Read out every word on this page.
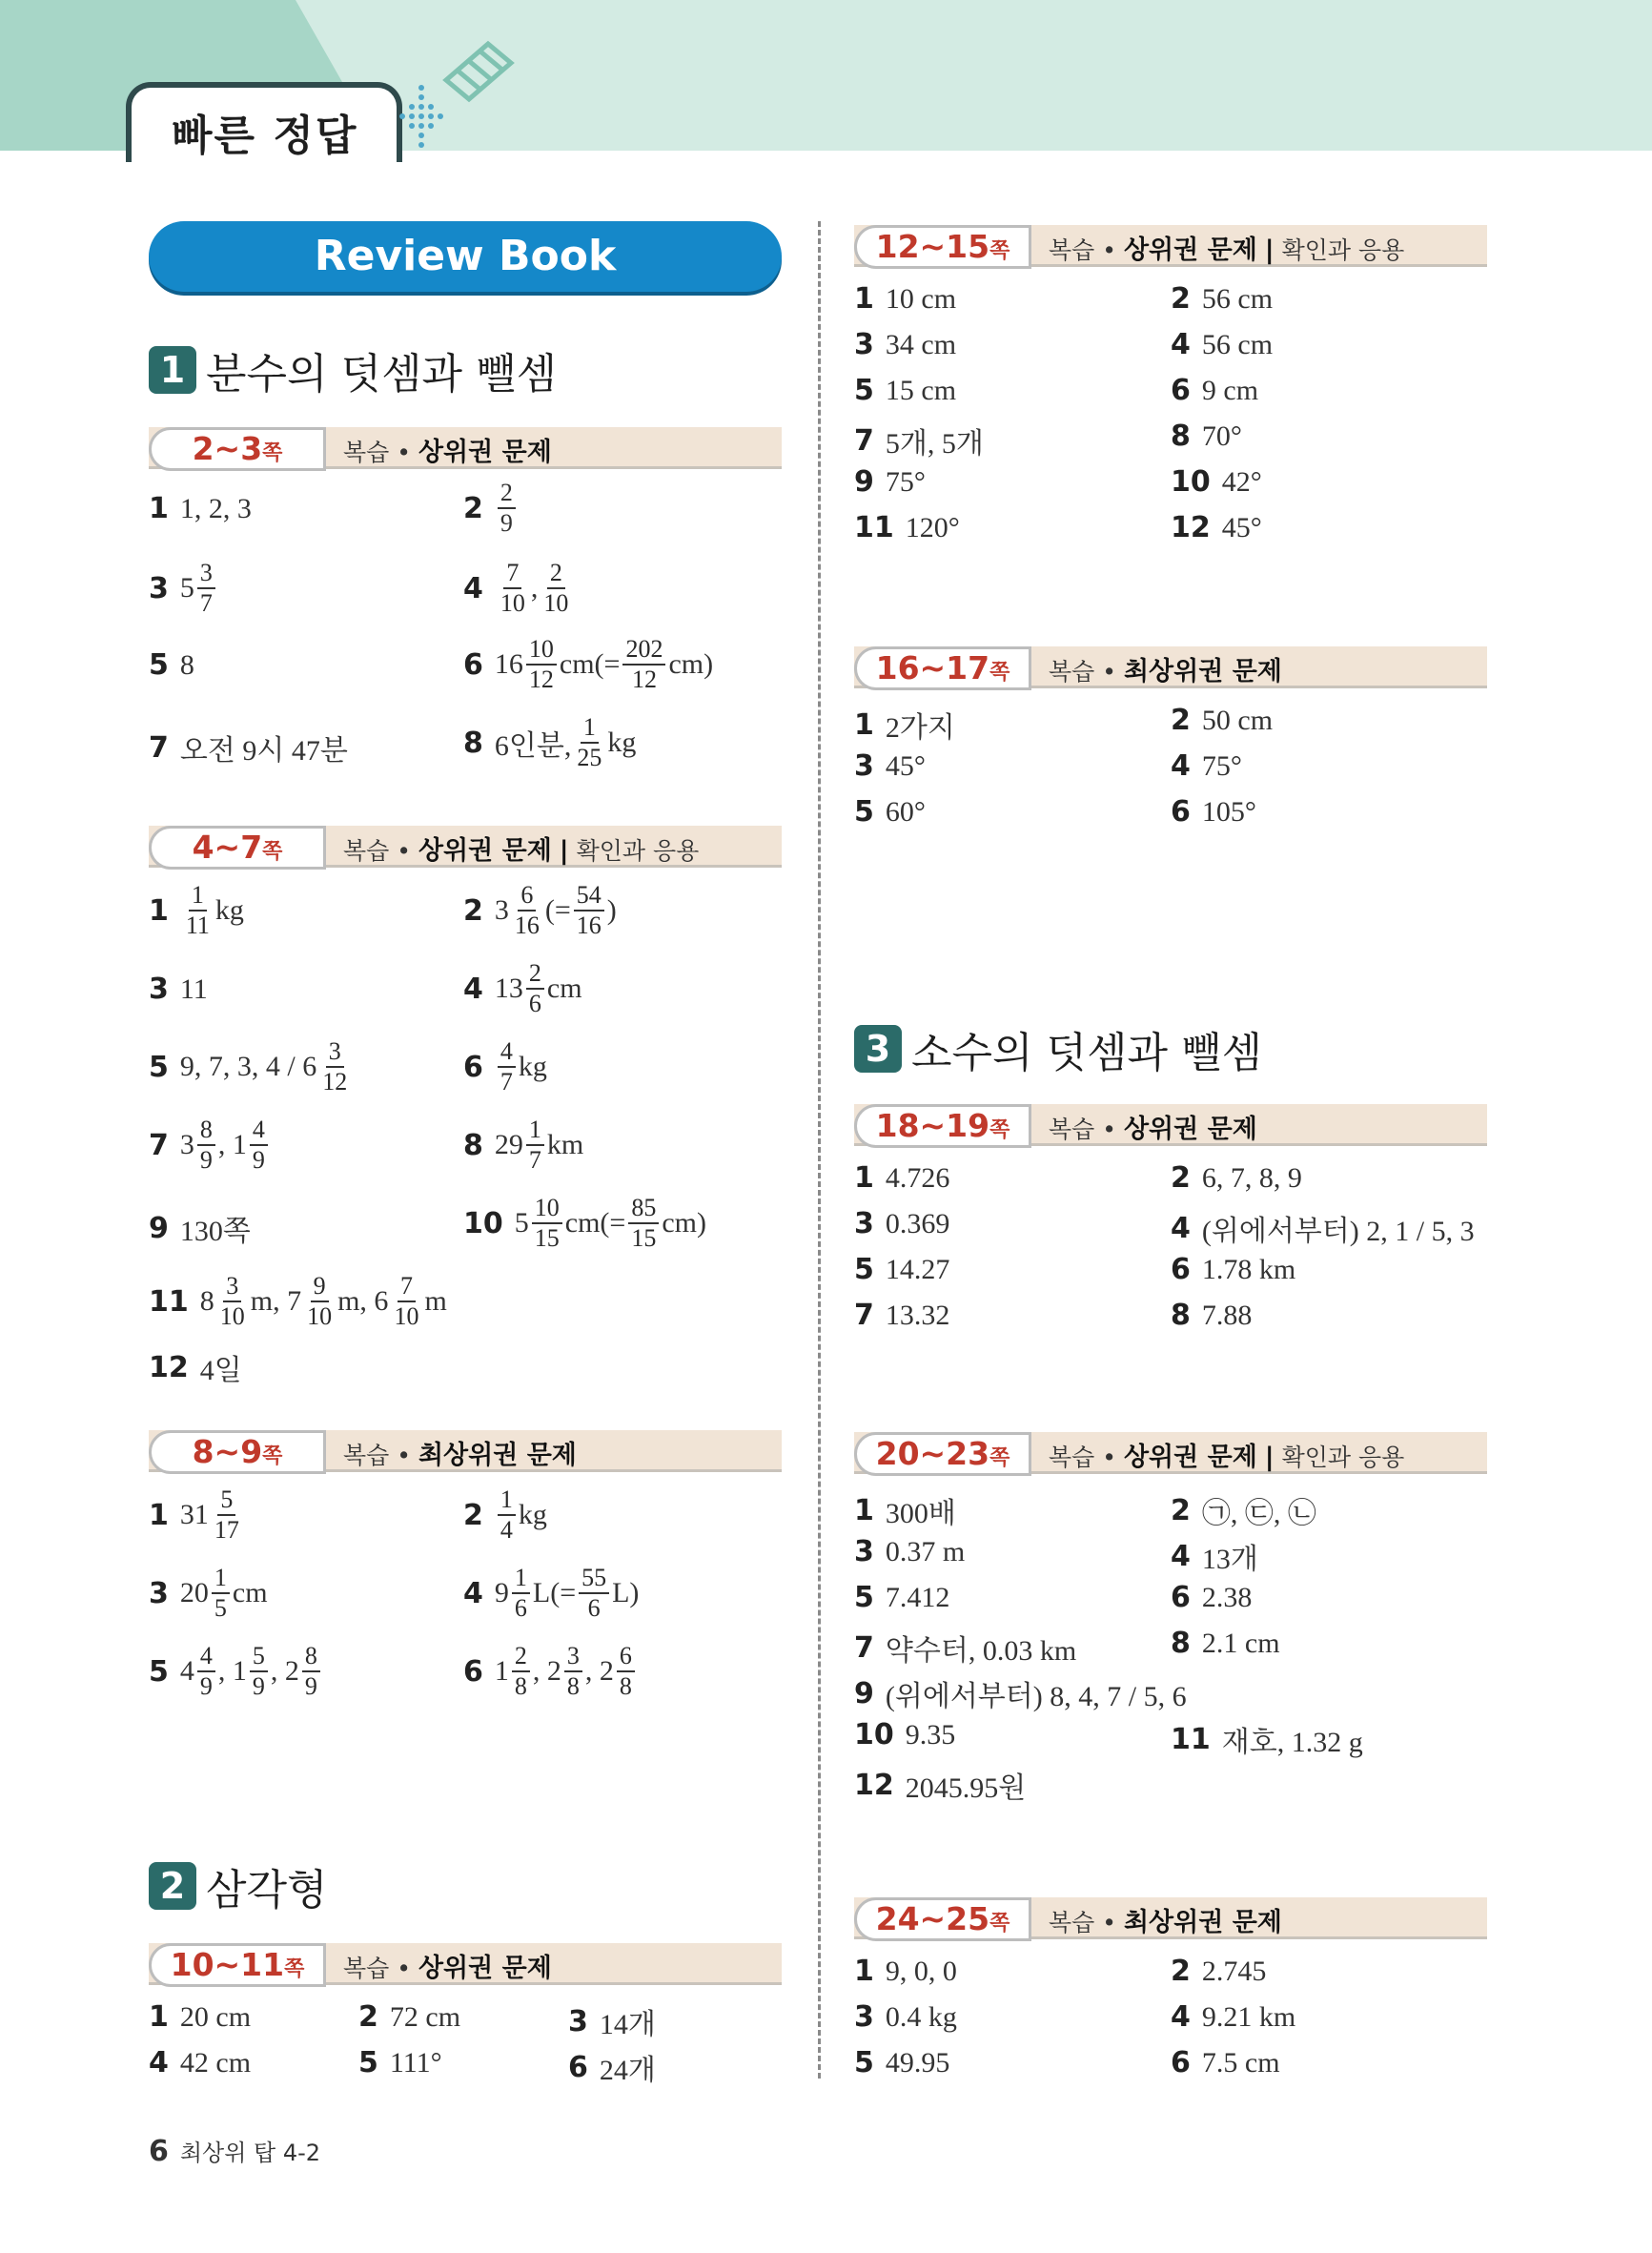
빠른 정답
Review Book
1 분수의 덧셈과 뺄셈
2~3쪽	복습 • 상위권 문제
1 1, 2, 3	$2 \frac{2}{9}$
3 $5 \frac{3}{7}$	$4 \frac{7}{10}$ , $\frac{2}{10}$
5 8	6 $16 \frac{10}{12} cm(= \frac{202}{12} cm)$
7 오전 9시 47분	8 6인분, $\frac{1}{25}$ kg
4~7쪽	복습 • 상위권 문제 | 확인과 응용
$1 \frac{1}{11}$ kg	2 $3 \frac{6}{16}$ (= $\frac{54}{16}$ )
3 11	4 $13 \frac{2}{6}$ cm
5 9, 7, 3, $4 / 6 \frac{3}{12}$	$6 \frac{4}{7}$ kg
7 $3 \frac{8}{9}$ , $1 \frac{4}{9}$	8 $29 \frac{1}{7}$ km
9 130쪽	10 $5 \frac{10}{15} cm(= \frac{85}{15} cm)$
11 $8 \frac{3}{10} m$, $7 \frac{9}{10} m$, $6 \frac{7}{10}$ m
12 4일
8~9쪽	복습 • 최상위권 문제
1 $31 \frac{5}{17}$	$2 \frac{1}{4}$ kg
3 $20 \frac{1}{5}$ cm	4 $9 \frac{1}{6} L(= \frac{55}{6} L)$
5 $4 \frac{4}{9}$ , $1 \frac{5}{9}$ , $2 \frac{8}{9}$	6 $1 \frac{2}{8}$ , $2 \frac{3}{8}$ , $2 \frac{6}{8}$
2 삼각형
10~11쪽	복습 • 상위권 문제
1 20 cm	2 72 cm	3 14개
4 42 cm	5 111°	6 24개
12~15쪽	복습 • 상위권 문제 | 확인과 응용
1 10 cm	2 56 cm
3 34 cm	4 56 cm
5 15 cm	6 9 cm
7 5개, 5개	8 70°
9 75°	10 42°
11 120°	12 45°
16~17쪽	복습 • 최상위권 문제
1 2가지	2 50 cm
3 45°	4 75°
5 60°	6 105°
3 소수의 덧셈과 뺄셈
18~19쪽	복습 • 상위권 문제
1 4.726	2 6, 7, 8, 9
3 0.369	4 (위에서부터) 2, 1 / 5, 3
5 14.27	6 1.78 km
7 13.32	8 7.88
20~23쪽	복습 • 상위권 문제 | 확인과 응용
1 300배	2 ㉠, ㉢, ㉡
3 0.37 m	4 13개
5 7.412	6 2.38
7 약수터, 0.03 km	8 2.1 cm
9 (위에서부터) 8, 4, 7 / 5, 6
10 9.35	11 재호, 1.32 g
12 2045.95원
24~25쪽	복습 • 최상위권 문제
1 9, 0, 0	2 2.745
3 0.4 kg	4 9.21 km
5 49.95	6 7.5 cm
6 최상위 탑 4-2
